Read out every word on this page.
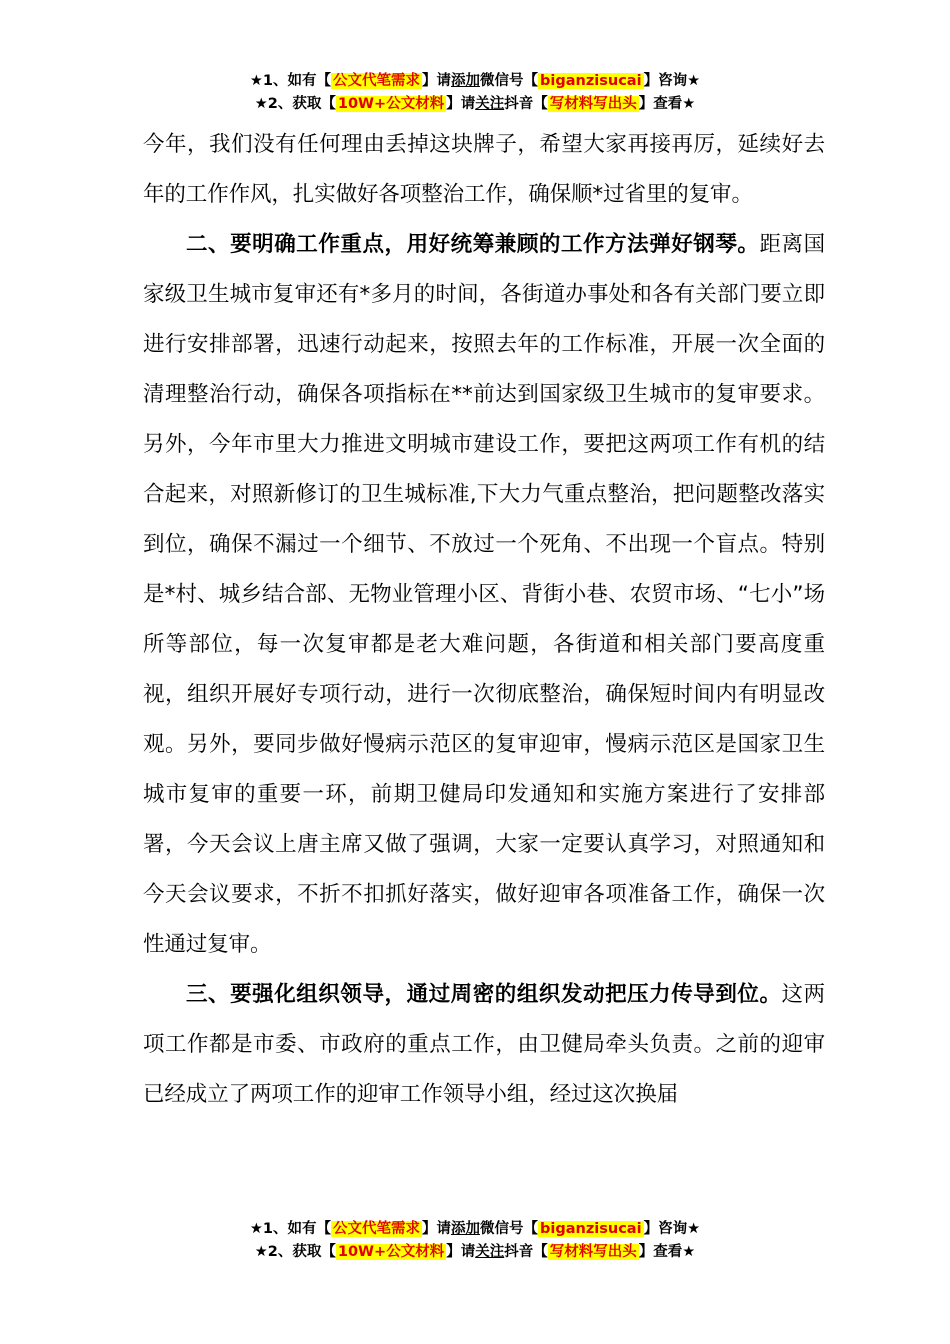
★1、如有【 公文代笔需求 】请添加微信号【 biganzisucai 】咨询★
★2、获取【 10W+公文材料 】请关注抖音【 写材料写出头 】查看★

今年，我们没有任何理由丢掉这块牌子，希望大家再接再厉，延续好去年的工作作风，扎实做好各项整治工作，确保顺*过省里的复审。

二、要明确工作重点，用好统筹兼顾的工作方法弹好钢琴。距离国家级卫生城市复审还有*多月的时间，各街道办事处和各有关部门要立即进行安排部署，迅速行动起来，按照去年的工作标准，开展一次全面的清理整治行动，确保各项指标在**前达到国家级卫生城市的复审要求。另外，今年市里大力推进文明城市建设工作，要把这两项工作有机的结合起来，对照新修订的卫生城标准,下大力气重点整治，把问题整改落实到位，确保不漏过一个细节、不放过一个死角、不出现一个盲点。特别是*村、城乡结合部、无物业管理小区、背街小巷、农贸市场、“七小”场所等部位，每一次复审都是老大难问题，各街道和相关部门要高度重视，组织开展好专项行动，进行一次彻底整治，确保短时间内有明显改观。另外，要同步做好慢病示范区的复审迎审，慢病示范区是国家卫生城市复审的重要一环，前期卫健局印发通知和实施方案进行了安排部署，今天会议上唐主席又做了强调，大家一定要认真学习，对照通知和今天会议要求，不折不扣抓好落实，做好迎审各项准备工作，确保一次性通过复审。

三、要强化组织领导，通过周密的组织发动把压力传导到位。这两项工作都是市委、市政府的重点工作，由卫健局牵头负责。之前的迎审已经成立了两项工作的迎审工作领导小组，经过这次换届

★1、如有【 公文代笔需求 】请添加微信号【 biganzisucai 】咨询★
★2、获取【 10W+公文材料 】请关注抖音【 写材料写出头 】查看★
